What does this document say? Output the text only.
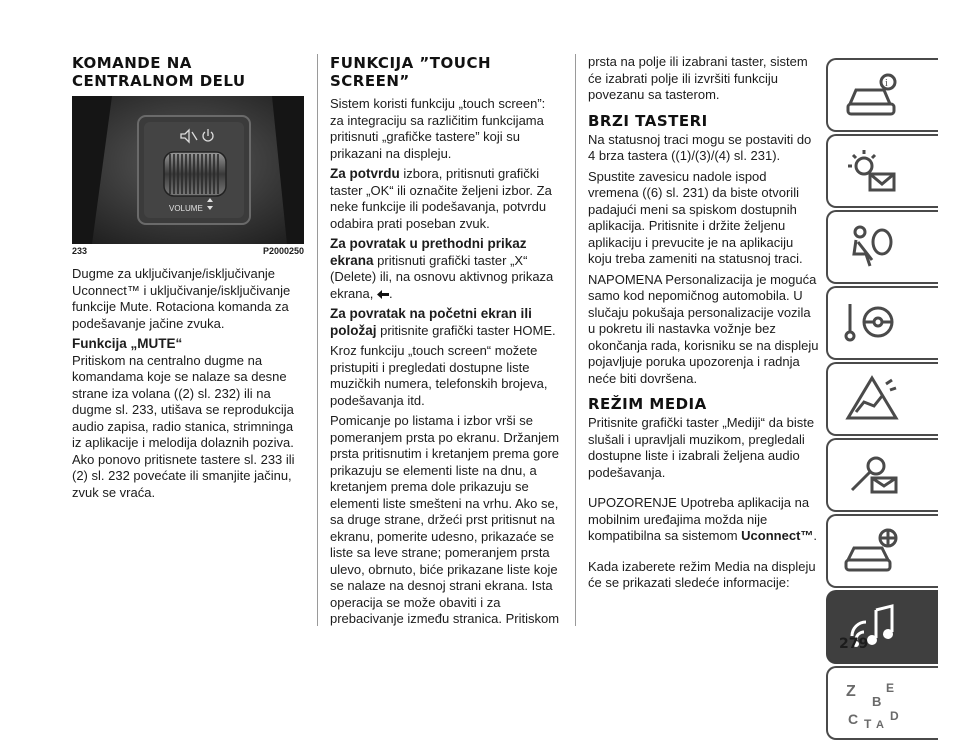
KOMANDE NA
CENTRALNOM DELU
VOLUME
233	P2000250

Dugme za uključivanje/isključivanje Uconnect™ i uključivanje/isključivanje funkcije Mute. Rotaciona komanda za podešavanje jačine zvuka.

Funkcija „MUTE“

Pritiskom na centralno dugme na komandama koje se nalaze sa desne strane iza volana ((2) sl. 232) ili na dugme sl. 233, utišava se reprodukcija audio zapisa, radio stanica, strimninga iz aplikacije i melodija dolaznih poziva. Ako ponovo pritisnete tastere sl. 233 ili (2) sl. 232 povećate ili smanjite jačinu, zvuk se vraća.

FUNKCIJA ”TOUCH
SCREEN”

Sistem koristi funkciju „touch screen”: za integraciju sa različitim funkcijama pritisnuti „grafičke tastere” koji su prikazani na displeju.

Za potvrdu izbora, pritisnuti grafički taster „OK“ ili označite željeni izbor. Za neke funkcije ili podešavanja, potvrdu odabira prati poseban zvuk.

Za povratak u prethodni prikaz ekrana pritisnuti grafički taster „X“ (Delete) ili, na osnovu aktivnog prikaza ekrana, .

Za povratak na početni ekran ili položaj pritisnite grafički taster HOME.

Kroz funkciju „touch screen“ možete pristupiti i pregledati dostupne liste muzičkih numera, telefonskih brojeva, podešavanja itd.

Pomicanje po listama i izbor vrši se pomeranjem prsta po ekranu. Držanjem prsta pritisnutim i kretanjem prema gore prikazuju se elementi liste na dnu, a kretanjem prema dole prikazuju se elementi liste smešteni na vrhu. Ako se, sa druge strane, držeći prst pritisnut na ekranu, pomerite udesno, prikazaće se liste sa leve strane; pomeranjem prsta ulevo, obrnuto, biće prikazane liste koje se nalaze na desnoj strani ekrana. Ista operacija se može obaviti i za prebacivanje između stranica. Pritiskom

prsta na polje ili izabrani taster, sistem će izabrati polje ili izvršiti funkciju povezanu sa tasterom.

BRZI TASTERI

Na statusnoj traci mogu se postaviti do 4 brza tastera ((1)/(3)/(4) sl. 231).

Spustite zavesicu nadole ispod vremena ((6) sl. 231) da biste otvorili padajući meni sa spiskom dostupnih aplikacija. Pritisnite i držite željenu aplikaciju i prevucite je na aplikaciju koju treba zameniti na statusnoj traci.

NAPOMENA Personalizacija je moguća samo kod nepomičnog automobila. U slučaju pokušaja personalizacije vozila u pokretu ili nastavka vožnje bez okončanja rada, korisniku se na displeju pojavljuje poruka upozorenja i radnja neće biti dovršena.

REŽIM MEDIA

Pritisnite grafički taster „Mediji“ da biste slušali i upravljali muzikom, pregledali dostupne liste i izabrali željena audio podešavanja.

UPOZORENJE Upotreba aplikacija na mobilnim uređajima možda nije kompatibilna sa sistemom Uconnect™.

Kada izaberete režim Media na displeju će se prikazati sledeće informacije:

i
Z	E
B
C T
D
A
279
